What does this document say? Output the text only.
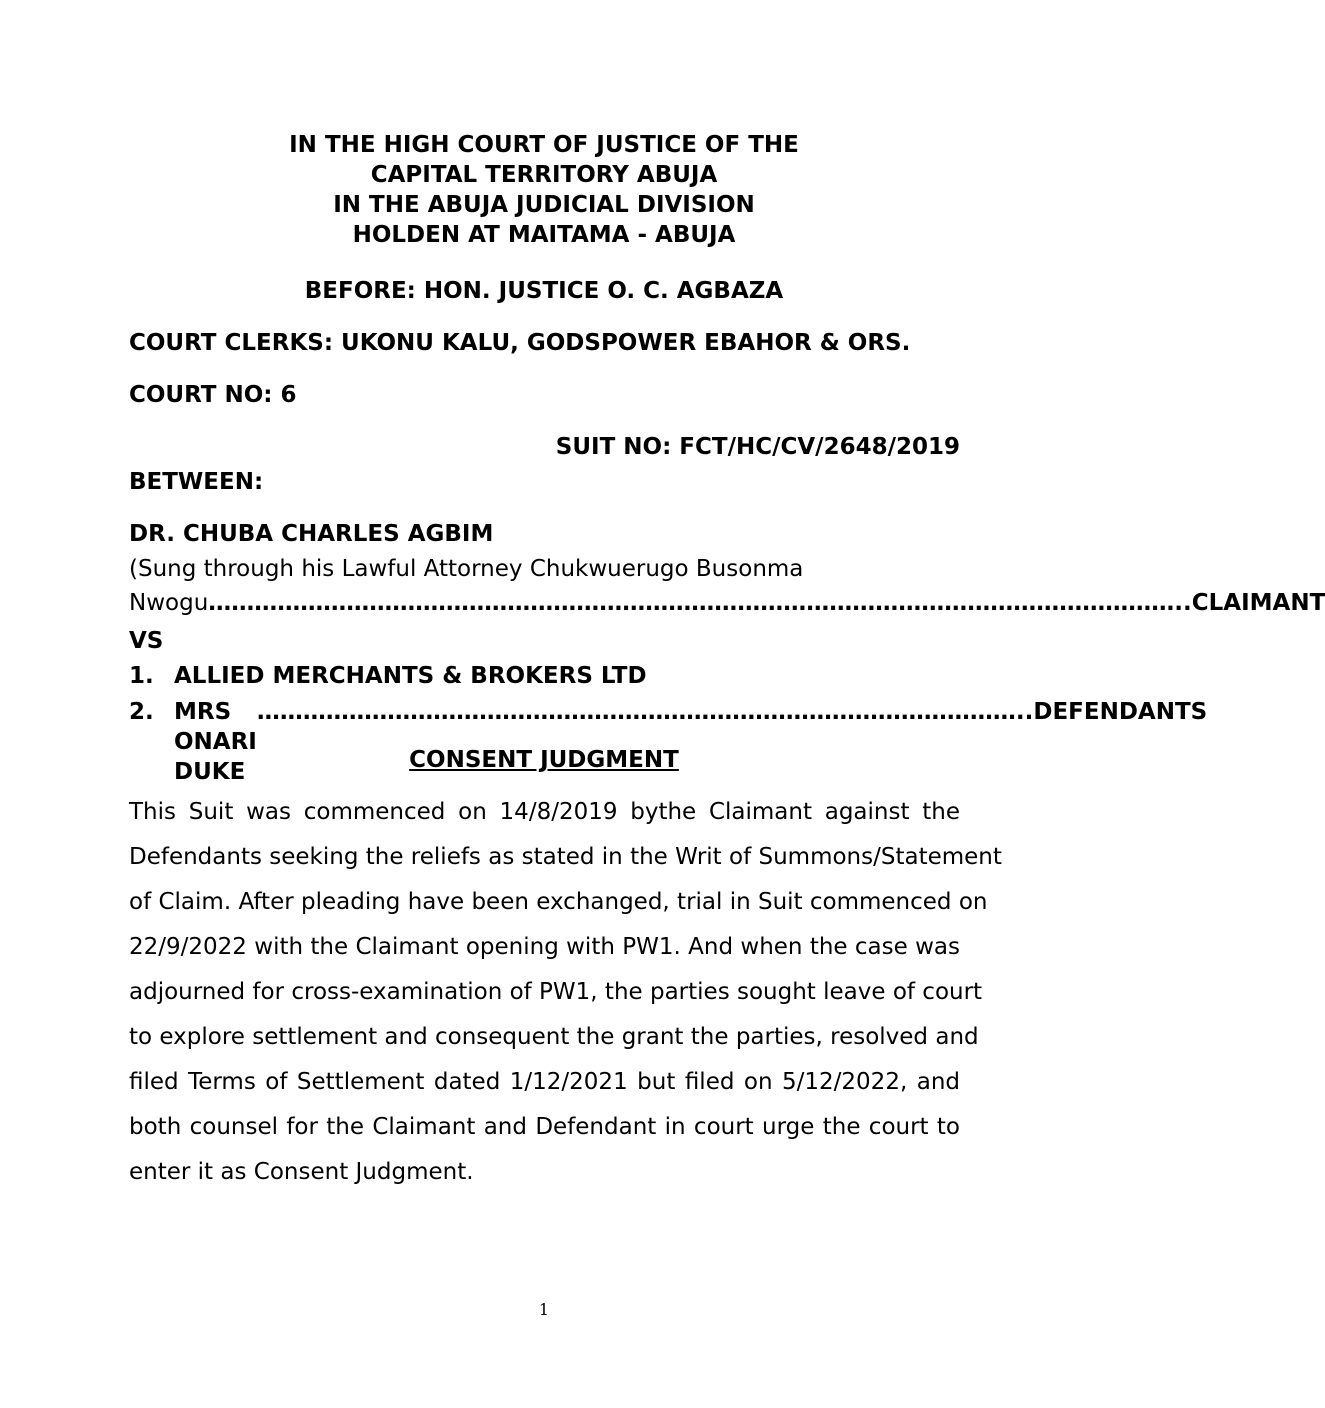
IN THE HIGH COURT OF JUSTICE OF THE
CAPITAL TERRITORY ABUJA
IN THE ABUJA JUDICIAL DIVISION
HOLDEN AT MAITAMA - ABUJA
BEFORE: HON. JUSTICE O. C. AGBAZA
COURT CLERKS: UKONU KALU, GODSPOWER EBAHOR & ORS.
COURT NO: 6
SUIT NO: FCT/HC/CV/2648/2019
BETWEEN:
DR. CHUBA CHARLES AGBIM
(Sung through his Lawful Attorney Chukwuerugo Busonma
Nwogu ……………………………………………………………………………………………………………… ..CLAIMANT
VS
1. ALLIED MERCHANTS & BROKERS LTD
2. MRS ONARI DUKE
……………………………………………………………………………………… ..DEFENDANTS
CONSENT JUDGMENT
This Suit was commenced on 14/8/2019 bythe Claimant against the
Defendants seeking the reliefs as stated in the Writ of Summons/Statement
of Claim. After pleading have been exchanged, trial in Suit commenced on
22/9/2022 with the Claimant opening with PW1. And when the case was
adjourned for cross-examination of PW1, the parties sought leave of court
to explore settlement and consequent the grant the parties, resolved and
filed Terms of Settlement dated 1/12/2021 but filed on 5/12/2022, and
both counsel for the Claimant and Defendant in court urge the court to
enter it as Consent Judgment.
1
